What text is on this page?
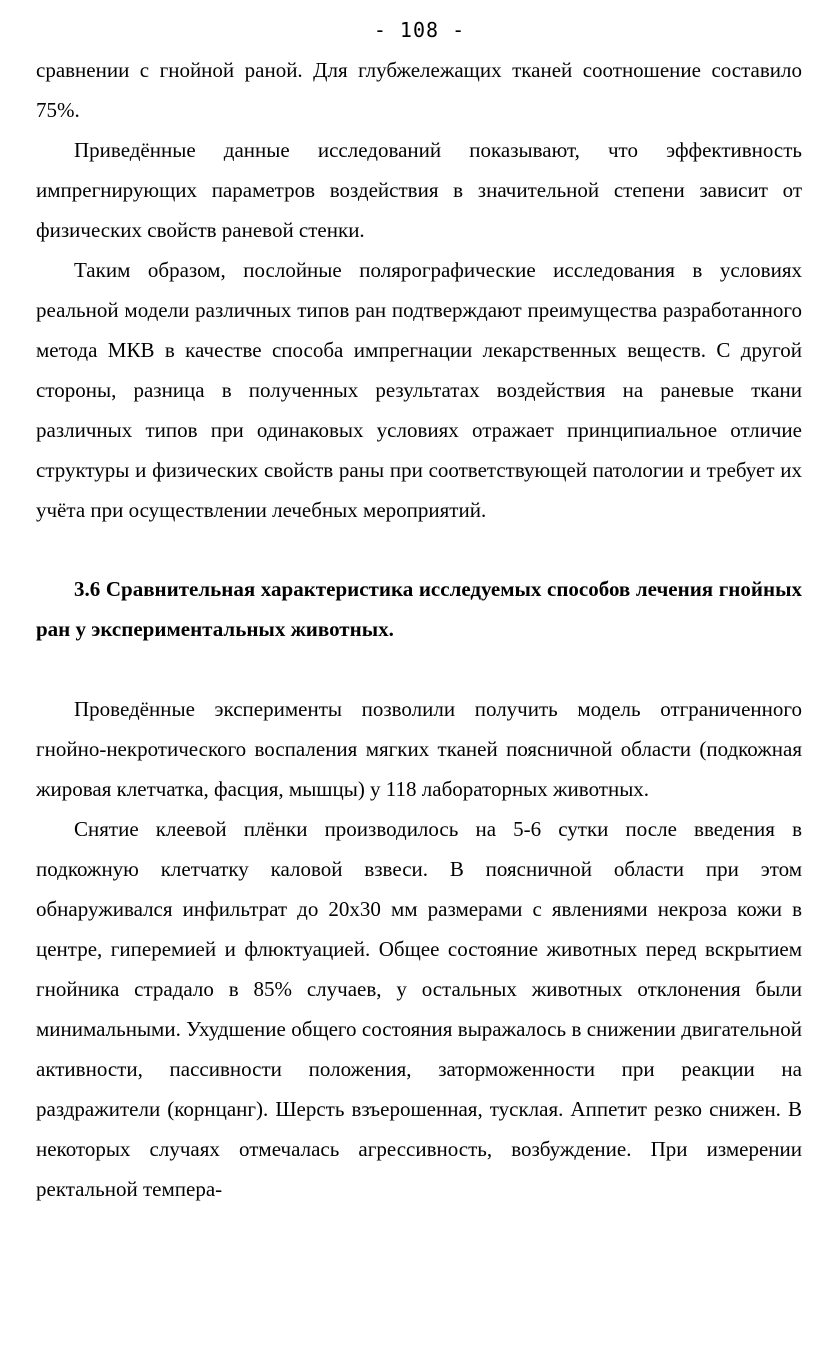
- 108 -

сравнении с гнойной раной. Для глубжележащих тканей соотношение составило 75%.

Приведённые данные исследований показывают, что эффективность импрегнирующих параметров воздействия в значительной степени зависит от физических свойств раневой стенки.

Таким образом, послойные полярографические исследования в условиях реальной модели различных типов ран подтверждают преимущества разработанного метода МКВ в качестве способа импрегнации лекарственных веществ. С другой стороны, разница в полученных результатах воздействия на раневые ткани различных типов при одинаковых условиях отражает принципиальное отличие структуры и физических свойств раны при соответствующей патологии и требует их учёта при осуществлении лечебных мероприятий.

3.6 Сравнительная характеристика исследуемых способов лечения гнойных ран у экспериментальных животных.

Проведённые эксперименты позволили получить модель отграниченного гнойно-некротического воспаления мягких тканей поясничной области (подкожная жировая клетчатка, фасция, мышцы) у 118 лабораторных животных.

Снятие клеевой плёнки производилось на 5-6 сутки после введения в подкожную клетчатку каловой взвеси. В поясничной области при этом обнаруживался инфильтрат до 20х30 мм размерами с явлениями некроза кожи в центре, гиперемией и флюктуацией. Общее состояние животных перед вскрытием гнойника страдало в 85% случаев, у остальных животных отклонения были минимальными. Ухудшение общего состояния выражалось в снижении двигательной активности, пассивности положения, заторможенности при реакции на раздражители (корнцанг). Шерсть взъерошенная, тусклая. Аппетит резко снижен. В некоторых случаях отмечалась агрессивность, возбуждение. При измерении ректальной темпера-
